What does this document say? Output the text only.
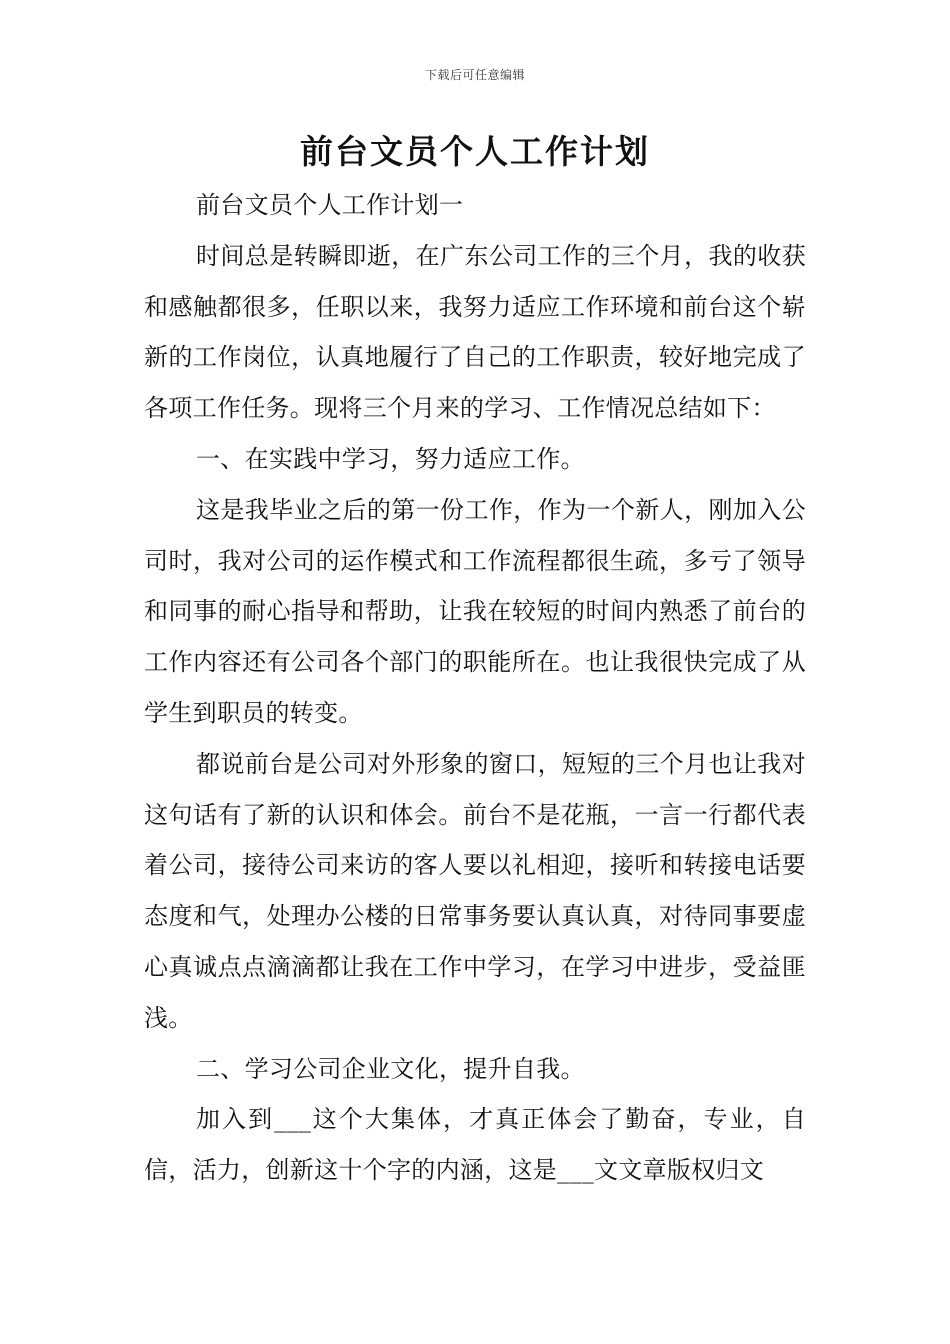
下载后可任意编辑
前台文员个人工作计划

前台文员个人工作计划一

时间总是转瞬即逝，在广东公司工作的三个月，我的收获和感触都很多，任职以来，我努力适应工作环境和前台这个崭新的工作岗位，认真地履行了自己的工作职责，较好地完成了各项工作任务。现将三个月来的学习、工作情况总结如下：

一、在实践中学习，努力适应工作。

这是我毕业之后的第一份工作，作为一个新人，刚加入公司时，我对公司的运作模式和工作流程都很生疏，多亏了领导和同事的耐心指导和帮助，让我在较短的时间内熟悉了前台的工作内容还有公司各个部门的职能所在。也让我很快完成了从学生到职员的转变。

都说前台是公司对外形象的窗口，短短的三个月也让我对这句话有了新的认识和体会。前台不是花瓶，一言一行都代表着公司，接待公司来访的客人要以礼相迎，接听和转接电话要态度和气，处理办公楼的日常事务要认真认真，对待同事要虚心真诚点点滴滴都让我在工作中学习，在学习中进步，受益匪浅。

二、学习公司企业文化，提升自我。

加入到___这个大集体，才真正体会了勤奋，专业，自信，活力，创新这十个字的内涵，这是___文文章版权归文
